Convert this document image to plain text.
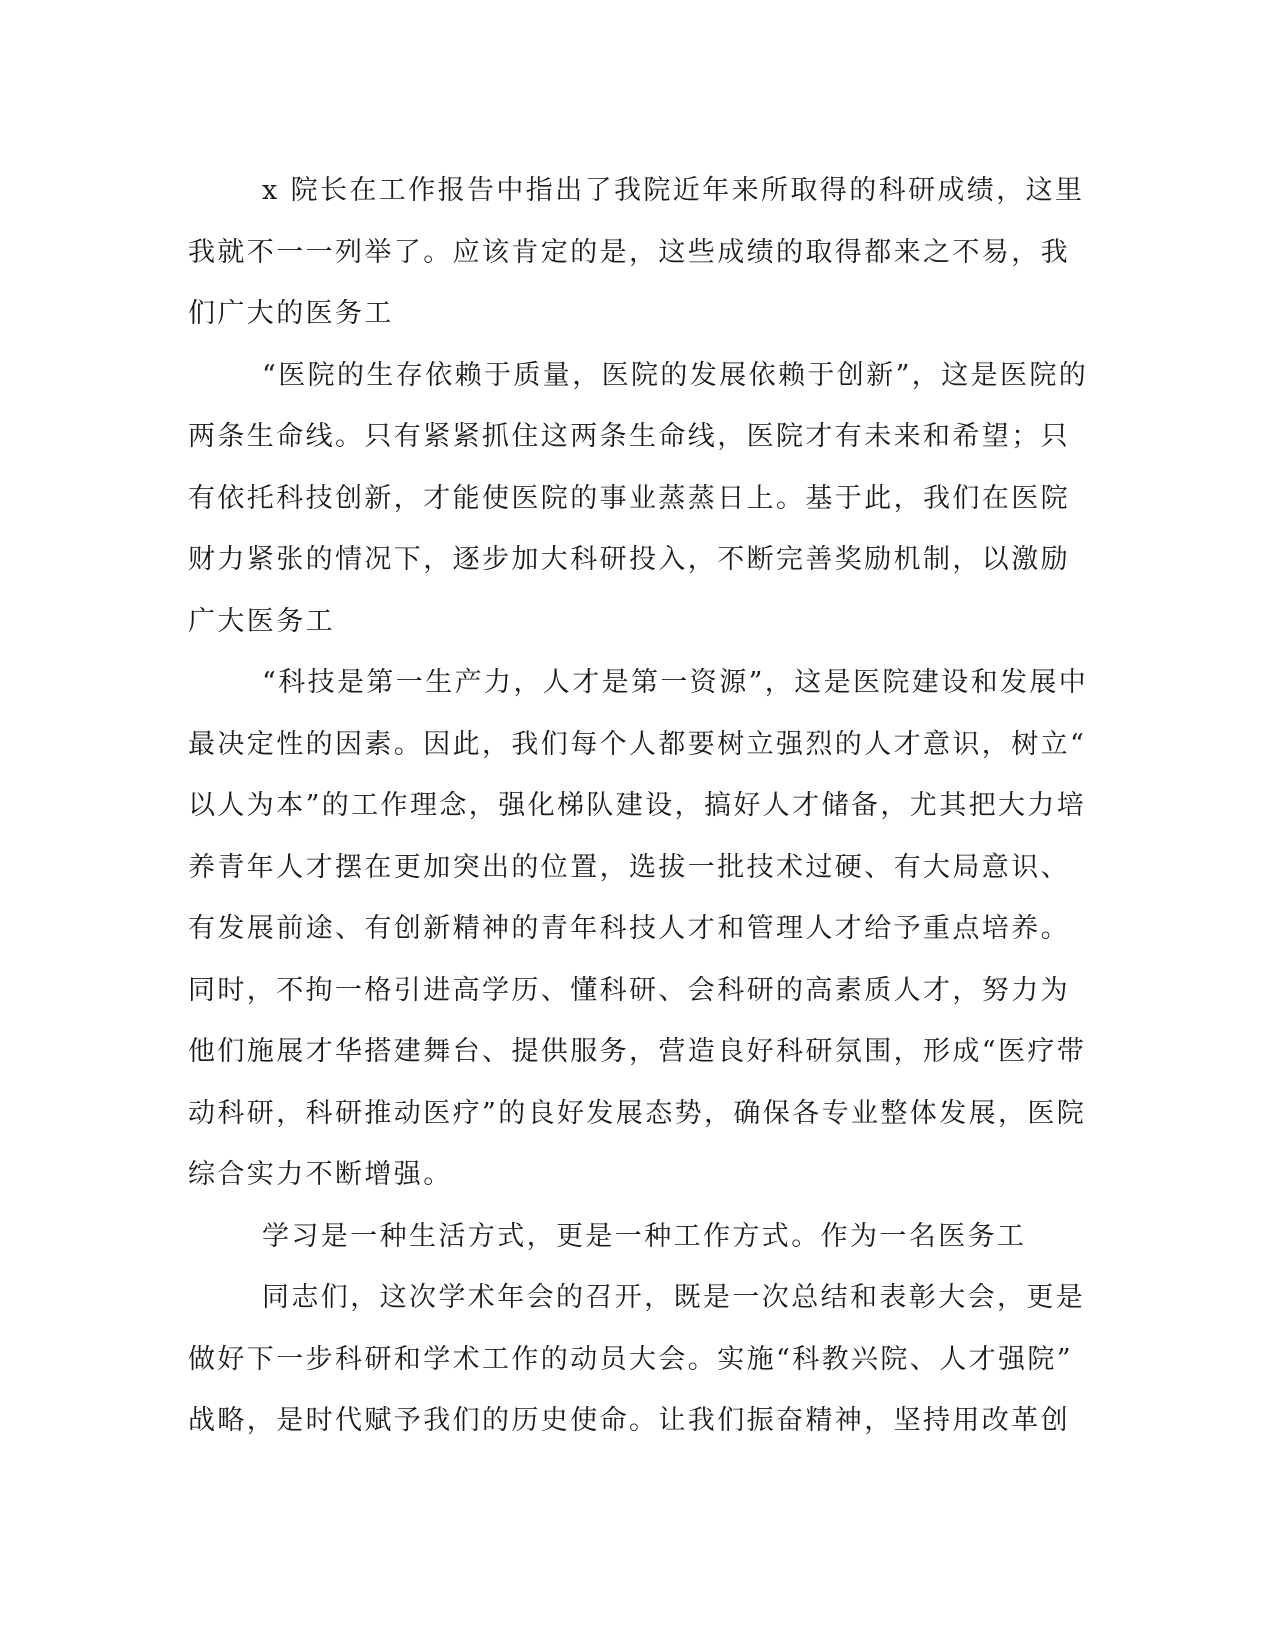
x 院长在工作报告中指出了我院近年来所取得的科研成绩，这里
我就不一一列举了。应该肯定的是，这些成绩的取得都来之不易，我
们广大的医务工
“医院的生存依赖于质量，医院的发展依赖于创新”，这是医院的
两条生命线。只有紧紧抓住这两条生命线，医院才有未来和希望；只
有依托科技创新，才能使医院的事业蒸蒸日上。基于此，我们在医院
财力紧张的情况下，逐步加大科研投入，不断完善奖励机制，以激励
广大医务工
“科技是第一生产力，人才是第一资源”，这是医院建设和发展中
最决定性的因素。因此，我们每个人都要树立强烈的人才意识，树立“
以人为本”的工作理念，强化梯队建设，搞好人才储备，尤其把大力培
养青年人才摆在更加突出的位置，选拔一批技术过硬、有大局意识、
有发展前途、有创新精神的青年科技人才和管理人才给予重点培养。
同时，不拘一格引进高学历、懂科研、会科研的高素质人才，努力为
他们施展才华搭建舞台、提供服务，营造良好科研氛围，形成“医疗带
动科研，科研推动医疗”的良好发展态势，确保各专业整体发展，医院
综合实力不断增强。
学习是一种生活方式，更是一种工作方式。作为一名医务工
同志们，这次学术年会的召开，既是一次总结和表彰大会，更是
做好下一步科研和学术工作的动员大会。实施“科教兴院、人才强院”
战略，是时代赋予我们的历史使命。让我们振奋精神，坚持用改革创
